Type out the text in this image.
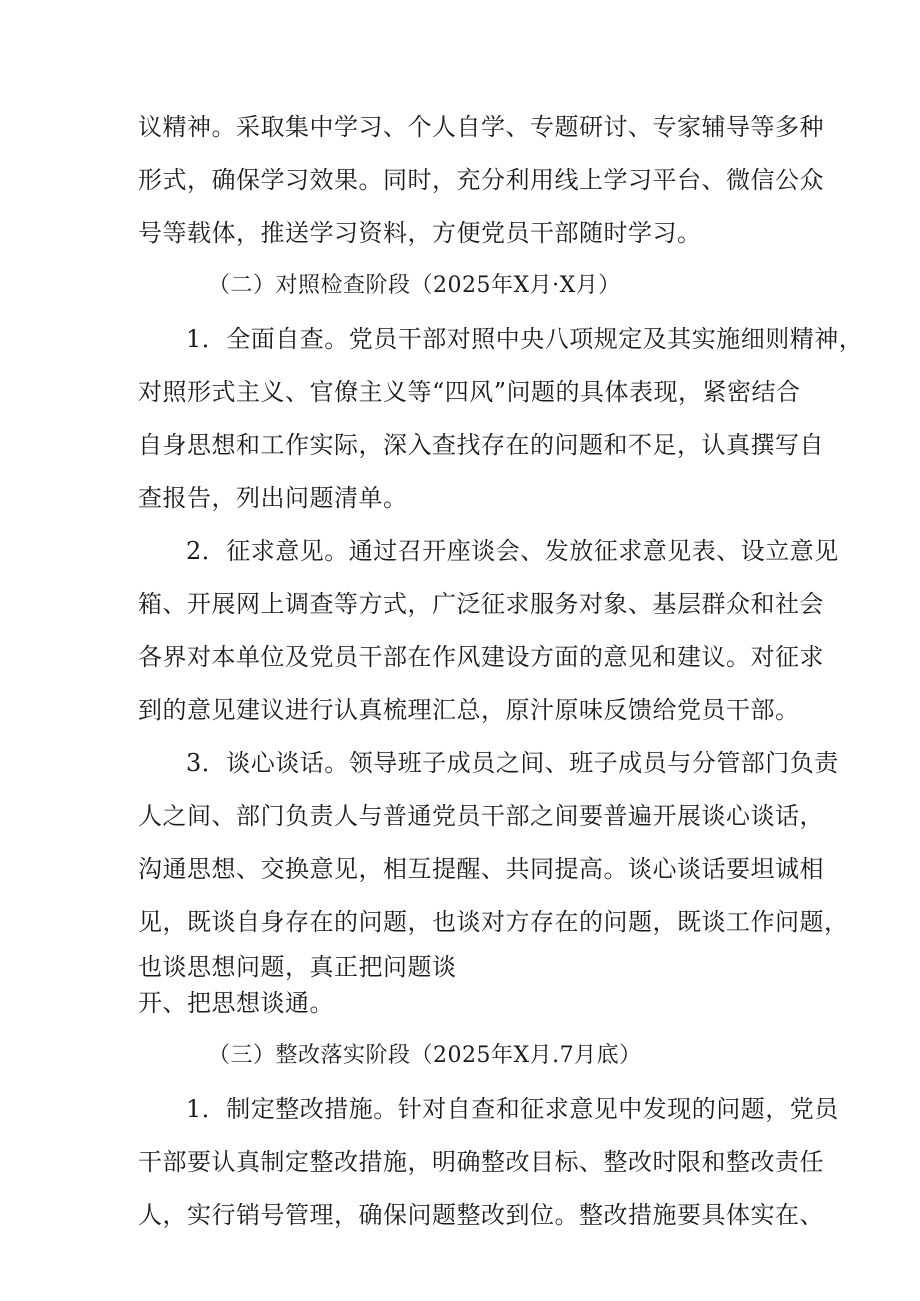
议精神。采取集中学习、个人自学、专题研讨、专家辅导等多种
形式，确保学习效果。同时，充分利用线上学习平台、微信公众
号等载体，推送学习资料，方便党员干部随时学习。
（二）对照检查阶段（2025年X月·X月）
1．全面自查。党员干部对照中央八项规定及其实施细则精神，
对照形式主义、官僚主义等“四风”问题的具体表现，紧密结合
自身思想和工作实际，深入查找存在的问题和不足，认真撰写自
查报告，列出问题清单。
2．征求意见。通过召开座谈会、发放征求意见表、设立意见
箱、开展网上调查等方式，广泛征求服务对象、基层群众和社会
各界对本单位及党员干部在作风建设方面的意见和建议。对征求
到的意见建议进行认真梳理汇总，原汁原味反馈给党员干部。
3．谈心谈话。领导班子成员之间、班子成员与分管部门负责
人之间、部门负责人与普通党员干部之间要普遍开展谈心谈话，
沟通思想、交换意见，相互提醒、共同提高。谈心谈话要坦诚相
见，既谈自身存在的问题，也谈对方存在的问题，既谈工作问题，
也谈思想问题，真正把问题谈
开、把思想谈通。
（三）整改落实阶段（2025年X月.7月底）
1．制定整改措施。针对自查和征求意见中发现的问题，党员
干部要认真制定整改措施，明确整改目标、整改时限和整改责任
人，实行销号管理，确保问题整改到位。整改措施要具体实在、
